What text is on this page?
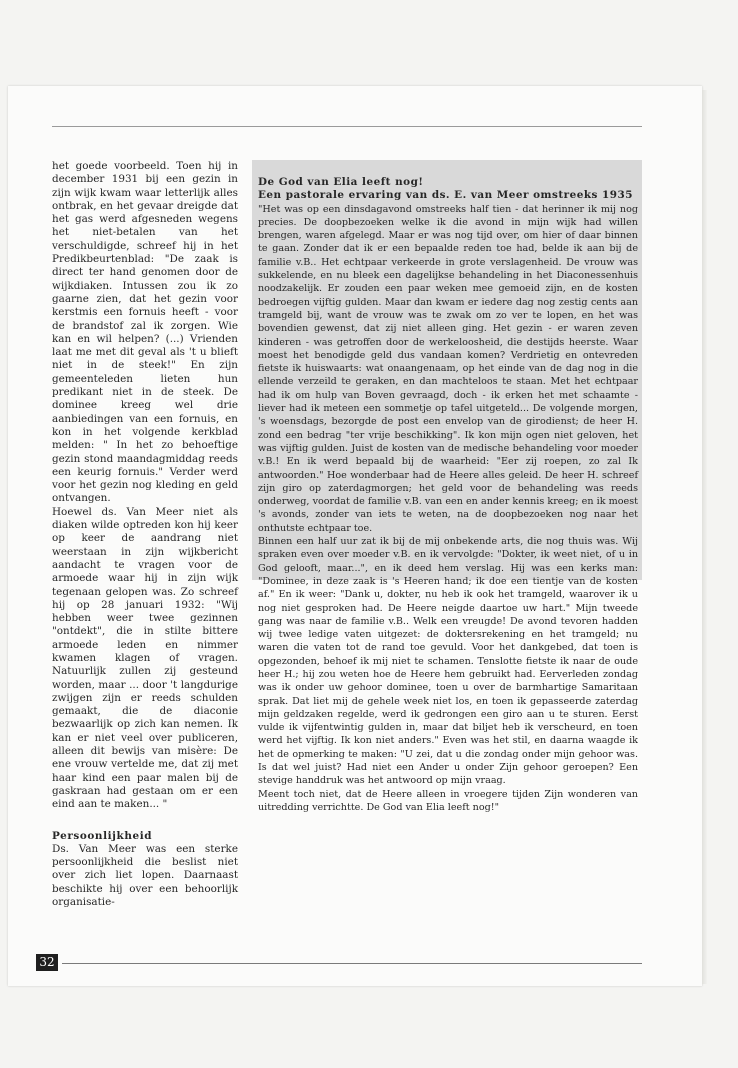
het goede voorbeeld. Toen hij in december 1931 bij een gezin in zijn wijk kwam waar letterlijk alles ontbrak, en het gevaar dreigde dat het gas werd afgesneden wegens het niet-betalen van het verschuldigde, schreef hij in het Predikbeurtenblad: "De zaak is direct ter hand genomen door de wijkdiaken. Intussen zou ik zo gaarne zien, dat het gezin voor kerstmis een fornuis heeft - voor de brandstof zal ik zorgen. Wie kan en wil helpen? (...) Vrienden laat me met dit geval als 't u blieft niet in de steek!" En zijn gemeenteleden lieten hun predikant niet in de steek. De dominee kreeg wel drie aanbiedingen van een fornuis, en kon in het volgende kerkblad melden: " In het zo behoeftige gezin stond maandagmiddag reeds een keurig fornuis." Verder werd voor het gezin nog kleding en geld ontvangen.

Hoewel ds. Van Meer niet als diaken wilde optreden kon hij keer op keer de aandrang niet weerstaan in zijn wijkbericht aandacht te vragen voor de armoede waar hij in zijn wijk tegenaan gelopen was. Zo schreef hij op 28 januari 1932: "Wij hebben weer twee gezinnen "ontdekt", die in stilte bittere armoede leden en nimmer kwamen klagen of vragen. Natuurlijk zullen zij gesteund worden, maar ... door 't langdurige zwijgen zijn er reeds schulden gemaakt, die de diaconie bezwaarlijk op zich kan nemen. Ik kan er niet veel over publiceren, alleen dit bewijs van misère: De ene vrouw vertelde me, dat zij met haar kind een paar malen bij de gaskraan had gestaan om er een eind aan te maken... "

Persoonlijkheid

Ds. Van Meer was een sterke persoonlijkheid die beslist niet over zich liet lopen. Daarnaast beschikte hij over een behoorlijk organisatie-

De God van Elia leeft nog!
Een pastorale ervaring van ds. E. van Meer omstreeks 1935

"Het was op een dinsdagavond omstreeks half tien - dat herinner ik mij nog precies. De doopbezoeken welke ik die avond in mijn wijk had willen brengen, waren afgelegd. Maar er was nog tijd over, om hier of daar binnen te gaan. Zonder dat ik er een bepaalde reden toe had, belde ik aan bij de familie v.B.. Het echtpaar verkeerde in grote verslagenheid. De vrouw was sukkelende, en nu bleek een dagelijkse behandeling in het Diaconessenhuis noodzakelijk. Er zouden een paar weken mee gemoeid zijn, en de kosten bedroegen vijftig gulden. Maar dan kwam er iedere dag nog zestig cents aan tramgeld bij, want de vrouw was te zwak om zo ver te lopen, en het was bovendien gewenst, dat zij niet alleen ging. Het gezin - er waren zeven kinderen - was getroffen door de werkeloosheid, die destijds heerste. Waar moest het benodigde geld dus vandaan komen? Verdrietig en ontevreden fietste ik huiswaarts: wat onaangenaam, op het einde van de dag nog in die ellende verzeild te geraken, en dan machteloos te staan. Met het echtpaar had ik om hulp van Boven gevraagd, doch - ik erken het met schaamte - liever had ik meteen een sommetje op tafel uitgeteld... De volgende morgen, 's woensdags, bezorgde de post een envelop van de girodienst; de heer H. zond een bedrag "ter vrije beschikking". Ik kon mijn ogen niet geloven, het was vijftig gulden. Juist de kosten van de medische behandeling voor moeder v.B.! En ik werd bepaald bij de waarheid: "Eer zij roepen, zo zal Ik antwoorden." Hoe wonderbaar had de Heere alles geleid. De heer H. schreef zijn giro op zaterdagmorgen; het geld voor de behandeling was reeds onderweg, voordat de familie v.B. van een en ander kennis kreeg; en ik moest 's avonds, zonder van iets te weten, na de doopbezoeken nog naar het onthutste echtpaar toe.

Binnen een half uur zat ik bij de mij onbekende arts, die nog thuis was. Wij spraken even over moeder v.B. en ik vervolgde: "Dokter, ik weet niet, of u in God gelooft, maar...", en ik deed hem verslag. Hij was een kerks man: "Dominee, in deze zaak is 's Heeren hand; ik doe een tientje van de kosten af." En ik weer: "Dank u, dokter, nu heb ik ook het tramgeld, waarover ik u nog niet gesproken had. De Heere neigde daartoe uw hart." Mijn tweede gang was naar de familie v.B.. Welk een vreugde! De avond tevoren hadden wij twee ledige vaten uitgezet: de doktersrekening en het tramgeld; nu waren die vaten tot de rand toe gevuld. Voor het dankgebed, dat toen is opgezonden, behoef ik mij niet te schamen. Tenslotte fietste ik naar de oude heer H.; hij zou weten hoe de Heere hem gebruikt had. Eerverleden zondag was ik onder uw gehoor dominee, toen u over de barmhartige Samaritaan sprak. Dat liet mij de gehele week niet los, en toen ik gepasseerde zaterdag mijn geldzaken regelde, werd ik gedrongen een giro aan u te sturen. Eerst vulde ik vijfentwintig gulden in, maar dat biljet heb ik verscheurd, en toen werd het vijftig. Ik kon niet anders." Even was het stil, en daarna waagde ik het de opmerking te maken: "U zei, dat u die zondag onder mijn gehoor was. Is dat wel juist? Had niet een Ander u onder Zijn gehoor geroepen? Een stevige handdruk was het antwoord op mijn vraag.

Meent toch niet, dat de Heere alleen in vroegere tijden Zijn wonderen van uitredding verrichtte. De God van Elia leeft nog!"

32
